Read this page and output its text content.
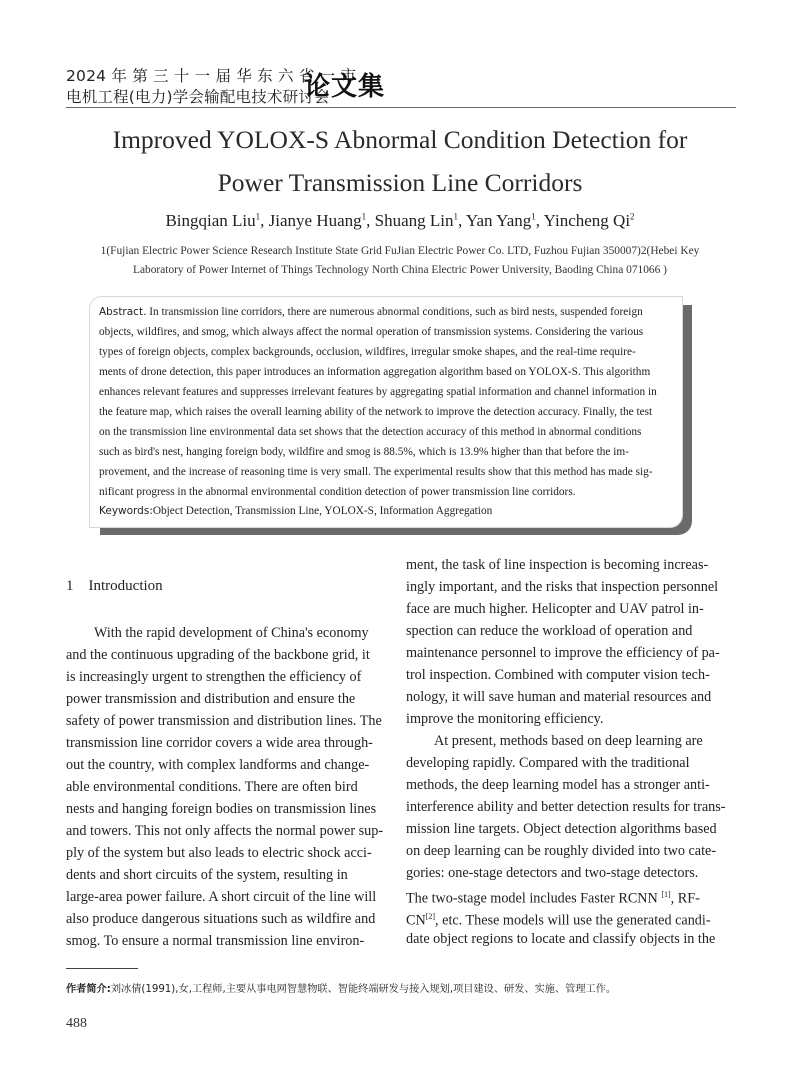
2024 年 第 三 十 一 届 华 东 六 省 一 市
电机工程(电力)学会输配电技术研讨会
论文集
Improved YOLOX-S Abnormal Condition Detection for
Power Transmission Line Corridors
Bingqian Liu$^1$, Jianye Huang$^1$, Shuang Lin$^1$, Yan Yang$^1$, Yincheng Qi$^2$
1(Fujian Electric Power Science Research Institute State Grid FuJian Electric Power Co. LTD, Fuzhou Fujian 350007)2(Hebei Key
Laboratory of Power Internet of Things Technology North China Electric Power University, Baoding China 071066 )
Abstract. In transmission line corridors, there are numerous abnormal conditions, such as bird nests, suspended foreign
objects, wildfires, and smog, which always affect the normal operation of transmission systems. Considering the various
types of foreign objects, complex backgrounds, occlusion, wildfires, irregular smoke shapes, and the real-time require-
ments of drone detection, this paper introduces an information aggregation algorithm based on YOLOX-S. This algorithm
enhances relevant features and suppresses irrelevant features by aggregating spatial information and channel information in
the feature map, which raises the overall learning ability of the network to improve the detection accuracy. Finally, the test
on the transmission line environmental data set shows that the detection accuracy of this method in abnormal conditions
such as bird's nest, hanging foreign body, wildfire and smog is 88.5%, which is 13.9% higher than that before the im-
provement, and the increase of reasoning time is very small. The experimental results show that this method has made sig-
nificant progress in the abnormal environmental condition detection of power transmission line corridors.
Keywords:Object Detection, Transmission Line, YOLOX-S, Information Aggregation
1 Introduction
With the rapid development of China's economy
and the continuous upgrading of the backbone grid, it
is increasingly urgent to strengthen the efficiency of
power transmission and distribution and ensure the
safety of power transmission and distribution lines. The
transmission line corridor covers a wide area through-
out the country, with complex landforms and change-
able environmental conditions. There are often bird
nests and hanging foreign bodies on transmission lines
and towers. This not only affects the normal power sup-
ply of the system but also leads to electric shock acci-
dents and short circuits of the system, resulting in
large-area power failure. A short circuit of the line will
also produce dangerous situations such as wildfire and
smog. To ensure a normal transmission line environ-
ment, the task of line inspection is becoming increas-
ingly important, and the risks that inspection personnel
face are much higher. Helicopter and UAV patrol in-
spection can reduce the workload of operation and
maintenance personnel to improve the efficiency of pa-
trol inspection. Combined with computer vision tech-
nology, it will save human and material resources and
improve the monitoring efficiency.
At present, methods based on deep learning are
developing rapidly. Compared with the traditional
methods, the deep learning model has a stronger anti-
interference ability and better detection results for trans-
mission line targets. Object detection algorithms based
on deep learning can be roughly divided into two cate-
gories: one-stage detectors and two-stage detectors.
The two-stage model includes Faster RCNN [1], RF-
CN[2], etc. These models will use the generated candi-
date object regions to locate and classify objects in the
作者简介:刘冰倩(1991),女,工程师,主要从事电网智慧物联、智能终端研发与接入规划,项目建设、研发、实施、管理工作。
488
